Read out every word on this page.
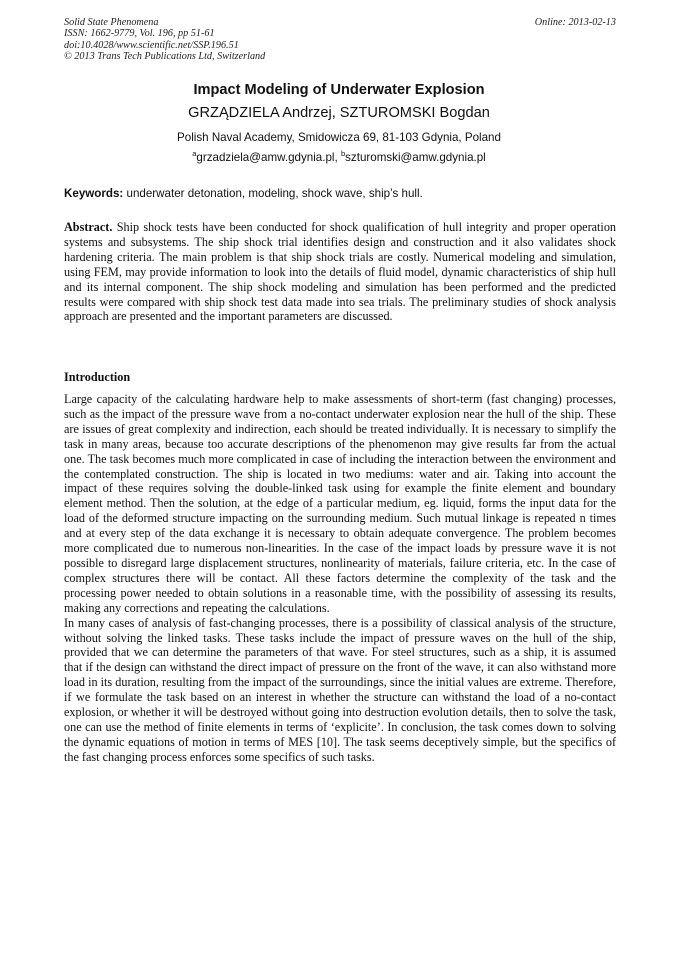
Solid State Phenomena
ISSN: 1662-9779, Vol. 196, pp 51-61
doi:10.4028/www.scientific.net/SSP.196.51
© 2013 Trans Tech Publications Ltd, Switzerland
Online: 2013-02-13
Impact Modeling of Underwater Explosion
GRZĄDZIELA Andrzej, SZTUROMSKI Bogdan
Polish Naval Academy, Smidowicza 69, 81-103 Gdynia, Poland
$^a$grzadziela@amw.gdynia.pl, $^b$szturomski@amw.gdynia.pl
Keywords: underwater detonation, modeling, shock wave, ship’s hull.
Abstract. Ship shock tests have been conducted for shock qualification of hull integrity and proper operation systems and subsystems. The ship shock trial identifies design and construction and it also validates shock hardening criteria. The main problem is that ship shock trials are costly. Numerical modeling and simulation, using FEM, may provide information to look into the details of fluid model, dynamic characteristics of ship hull and its internal component. The ship shock modeling and simulation has been performed and the predicted results were compared with ship shock test data made into sea trials. The preliminary studies of shock analysis approach are presented and the important parameters are discussed.
Introduction

Large capacity of the calculating hardware help to make assessments of short-term (fast changing) processes, such as the impact of the pressure wave from a no-contact underwater explosion near the hull of the ship. These are issues of great complexity and indirection, each should be treated individually. It is necessary to simplify the task in many areas, because too accurate descriptions of the phenomenon may give results far from the actual one. The task becomes much more complicated in case of including the interaction between the environment and the contemplated construction. The ship is located in two mediums: water and air. Taking into account the impact of these requires solving the double-linked task using for example the finite element and boundary element method. Then the solution, at the edge of a particular medium, eg. liquid, forms the input data for the load of the deformed structure impacting on the surrounding medium. Such mutual linkage is repeated n times and at every step of the data exchange it is necessary to obtain adequate convergence. The problem becomes more complicated due to numerous non-linearities. In the case of the impact loads by pressure wave it is not possible to disregard large displacement structures, nonlinearity of materials, failure criteria, etc. In the case of complex structures there will be contact. All these factors determine the complexity of the task and the processing power needed to obtain solutions in a reasonable time, with the possibility of assessing its results, making any corrections and repeating the calculations.

In many cases of analysis of fast-changing processes, there is a possibility of classical analysis of the structure, without solving the linked tasks. These tasks include the impact of pressure waves on the hull of the ship, provided that we can determine the parameters of that wave. For steel structures, such as a ship, it is assumed that if the design can withstand the direct impact of pressure on the front of the wave, it can also withstand more load in its duration, resulting from the impact of the surroundings, since the initial values are extreme. Therefore, if we formulate the task based on an interest in whether the structure can withstand the load of a no-contact explosion, or whether it will be destroyed without going into destruction evolution details, then to solve the task, one can use the method of finite elements in terms of ‘explicite’. In conclusion, the task comes down to solving the dynamic equations of motion in terms of MES [10]. The task seems deceptively simple, but the specifics of the fast changing process enforces some specifics of such tasks.
